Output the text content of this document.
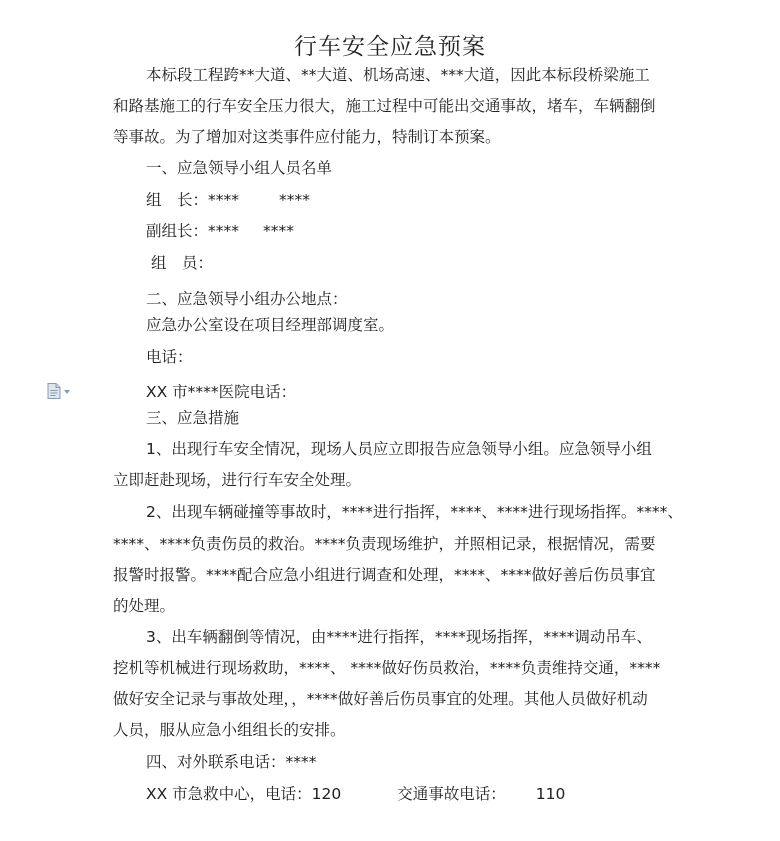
行车安全应急预案
本标段工程跨**大道、**大道、机场高速、***大道，因此本标段桥梁施工
和路基施工的行车安全压力很大，施工过程中可能出交通事故，堵车，车辆翻倒
等事故。为了增加对这类事件应付能力，特制订本预案。
一、应急领导小组人员名单
组　长：****	****
副组长：**** ****
组　员：
二、应急领导小组办公地点：
应急办公室设在项目经理部调度室。
电话：
XX 市****医院电话：
三、应急措施
1、出现行车安全情况，现场人员应立即报告应急领导小组。应急领导小组
立即赶赴现场，进行行车安全处理。
2、出现车辆碰撞等事故时，****进行指挥，****、****进行现场指挥。****、
****、****负责伤员的救治。****负责现场维护，并照相记录，根据情况，需要
报警时报警。****配合应急小组进行调查和处理，****、****做好善后伤员事宜
的处理。
3、出车辆翻倒等情况，由****进行指挥，****现场指挥，****调动吊车、
挖机等机械进行现场救助，****、 ****做好伤员救治，****负责维持交通，****
做好安全记录与事故处理，，****做好善后伤员事宜的处理。其他人员做好机动
人员，服从应急小组组长的安排。
四、对外联系电话：****
XX 市急救中心，电话：120	交通事故电话： 110
